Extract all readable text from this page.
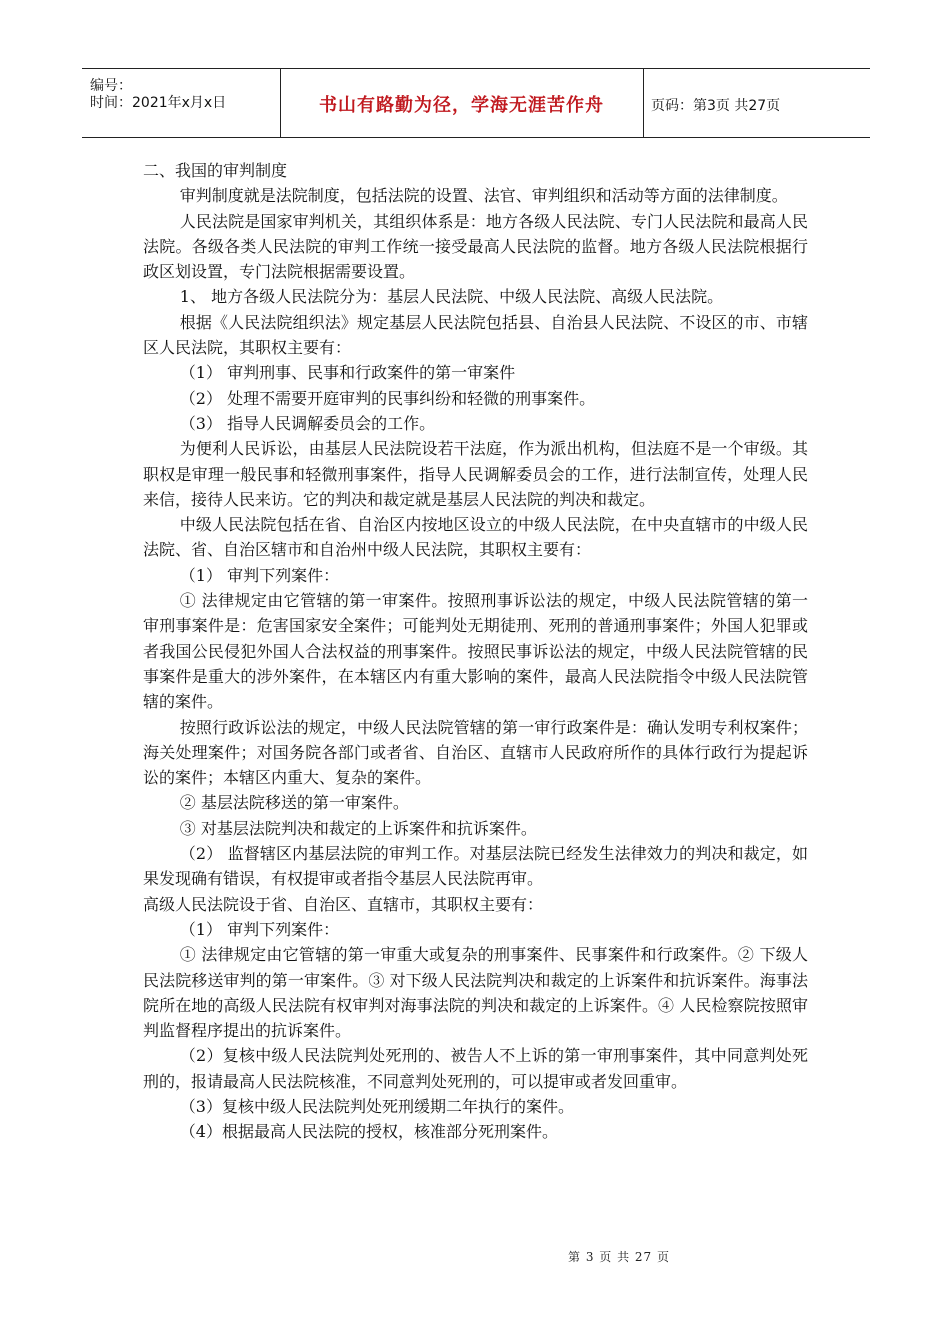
编号：
时间：2021年x月x日	书山有路勤为径，学海无涯苦作舟	页码：第3页 共27页

二、我国的审判制度

审判制度就是法院制度，包括法院的设置、法官、审判组织和活动等方面的法律制度。

人民法院是国家审判机关，其组织体系是：地方各级人民法院、专门人民法院和最高人民法院。各级各类人民法院的审判工作统一接受最高人民法院的监督。地方各级人民法院根据行政区划设置，专门法院根据需要设置。

1、 地方各级人民法院分为：基层人民法院、中级人民法院、高级人民法院。

根据《人民法院组织法》规定基层人民法院包括县、自治县人民法院、不设区的市、市辖区人民法院，其职权主要有：

（1） 审判刑事、民事和行政案件的第一审案件

（2） 处理不需要开庭审判的民事纠纷和轻微的刑事案件。

（3） 指导人民调解委员会的工作。

为便利人民诉讼，由基层人民法院设若干法庭，作为派出机构，但法庭不是一个审级。其职权是审理一般民事和轻微刑事案件，指导人民调解委员会的工作，进行法制宣传，处理人民来信，接待人民来访。它的判决和裁定就是基层人民法院的判决和裁定。

中级人民法院包括在省、自治区内按地区设立的中级人民法院，在中央直辖市的中级人民法院、省、自治区辖市和自治州中级人民法院，其职权主要有：

（1） 审判下列案件：

① 法律规定由它管辖的第一审案件。按照刑事诉讼法的规定，中级人民法院管辖的第一审刑事案件是：危害国家安全案件；可能判处无期徒刑、死刑的普通刑事案件；外国人犯罪或者我国公民侵犯外国人合法权益的刑事案件。按照民事诉讼法的规定，中级人民法院管辖的民事案件是重大的涉外案件，在本辖区内有重大影响的案件，最高人民法院指令中级人民法院管辖的案件。

按照行政诉讼法的规定，中级人民法院管辖的第一审行政案件是：确认发明专利权案件；海关处理案件；对国务院各部门或者省、自治区、直辖市人民政府所作的具体行政行为提起诉讼的案件；本辖区内重大、复杂的案件。

② 基层法院移送的第一审案件。

③ 对基层法院判决和裁定的上诉案件和抗诉案件。

（2） 监督辖区内基层法院的审判工作。对基层法院已经发生法律效力的判决和裁定，如果发现确有错误，有权提审或者指令基层人民法院再审。

高级人民法院设于省、自治区、直辖市，其职权主要有：

（1） 审判下列案件：

① 法律规定由它管辖的第一审重大或复杂的刑事案件、民事案件和行政案件。② 下级人民法院移送审判的第一审案件。③ 对下级人民法院判决和裁定的上诉案件和抗诉案件。海事法院所在地的高级人民法院有权审判对海事法院的判决和裁定的上诉案件。④ 人民检察院按照审判监督程序提出的抗诉案件。

（2）复核中级人民法院判处死刑的、被告人不上诉的第一审刑事案件，其中同意判处死刑的，报请最高人民法院核准，不同意判处死刑的，可以提审或者发回重审。

（3）复核中级人民法院判处死刑缓期二年执行的案件。

（4）根据最高人民法院的授权，核准部分死刑案件。

第 3 页 共 27 页
